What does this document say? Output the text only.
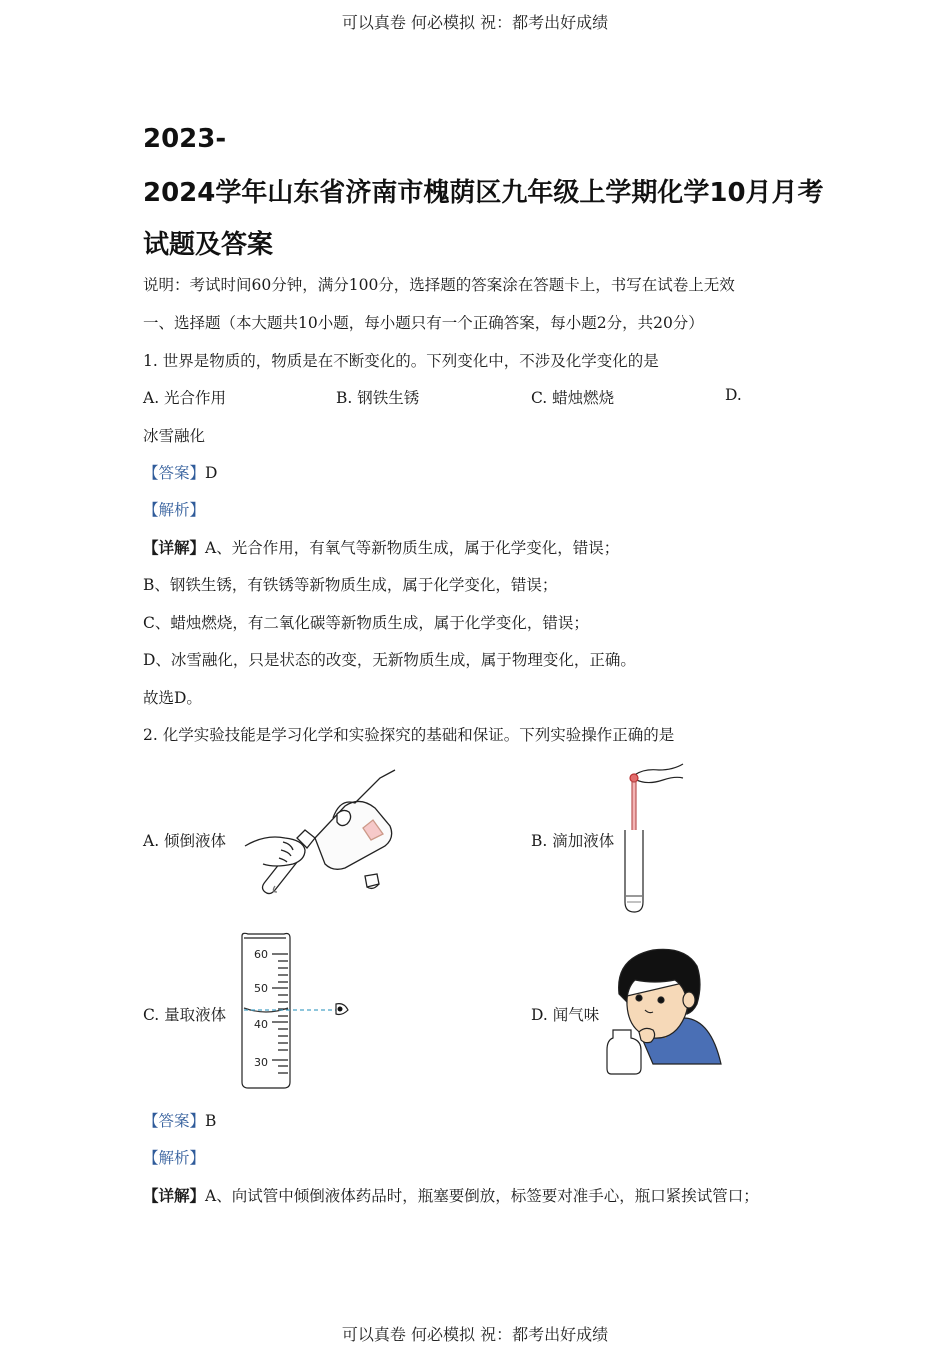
可以真卷 何必模拟 祝：都考出好成绩
可以真卷 何必模拟 祝：都考出好成绩
2023-
2024学年山东省济南市槐荫区九年级上学期化学10月月考
试题及答案
说明：考试时间60分钟，满分100分，选择题的答案涂在答题卡上，书写在试卷上无效
一、选择题（本大题共10小题，每小题只有一个正确答案，每小题2分，共20分）
1. 世界是物质的，物质是在不断变化的。下列变化中，不涉及化学变化的是
A. 光合作用	B. 钢铁生锈	C. 蜡烛燃烧	D.
冰雪融化
【答案】D
【解析】
【详解】A、光合作用，有氧气等新物质生成，属于化学变化，错误；
B、钢铁生锈，有铁锈等新物质生成，属于化学变化，错误；
C、蜡烛燃烧，有二氧化碳等新物质生成，属于化学变化，错误；
D、冰雪融化，只是状态的改变，无新物质生成，属于物理变化，正确。
故选D。
2. 化学实验技能是学习化学和实验探究的基础和保证。下列实验操作正确的是
A. 倾倒液体	B. 滴加液体
C. 量取液体	D. 闻气味
60
50
40
30
【答案】B
【解析】
【详解】A、向试管中倾倒液体药品时，瓶塞要倒放，标签要对准手心，瓶口紧挨试管口；
